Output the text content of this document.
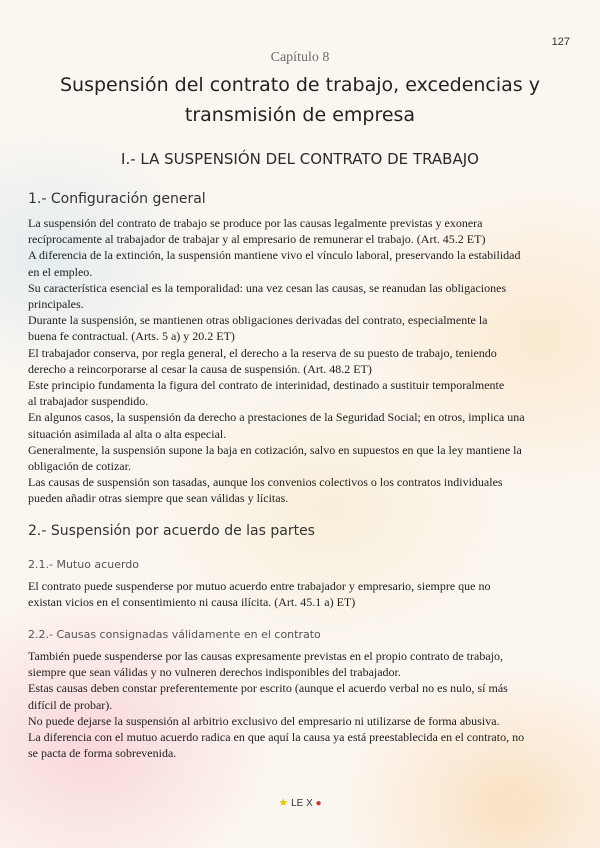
127
Capítulo 8
Suspensión del contrato de trabajo, excedencias y
transmisión de empresa
I.- LA SUSPENSIÓN DEL CONTRATO DE TRABAJO
1.- Configuración general

La suspensión del contrato de trabajo se produce por las causas legalmente previstas y exonera

recíprocamente al trabajador de trabajar y al empresario de remunerar el trabajo. (Art. 45.2 ET)

A diferencia de la extinción, la suspensión mantiene vivo el vínculo laboral, preservando la estabilidad

en el empleo.

Su característica esencial es la temporalidad: una vez cesan las causas, se reanudan las obligaciones

principales.

Durante la suspensión, se mantienen otras obligaciones derivadas del contrato, especialmente la

buena fe contractual. (Arts. 5 a) y 20.2 ET)

El trabajador conserva, por regla general, el derecho a la reserva de su puesto de trabajo, teniendo

derecho a reincorporarse al cesar la causa de suspensión. (Art. 48.2 ET)

Este principio fundamenta la figura del contrato de interinidad, destinado a sustituir temporalmente

al trabajador suspendido.

En algunos casos, la suspensión da derecho a prestaciones de la Seguridad Social; en otros, implica una

situación asimilada al alta o alta especial.

Generalmente, la suspensión supone la baja en cotización, salvo en supuestos en que la ley mantiene la

obligación de cotizar.

Las causas de suspensión son tasadas, aunque los convenios colectivos o los contratos individuales

pueden añadir otras siempre que sean válidas y lícitas.

2.- Suspensión por acuerdo de las partes
2.1.- Mutuo acuerdo

El contrato puede suspenderse por mutuo acuerdo entre trabajador y empresario, siempre que no

existan vicios en el consentimiento ni causa ilícita. (Art. 45.1 a) ET)

2.2.- Causas consignadas válidamente en el contrato

También puede suspenderse por las causas expresamente previstas en el propio contrato de trabajo,

siempre que sean válidas y no vulneren derechos indisponibles del trabajador.

Estas causas deben constar preferentemente por escrito (aunque el acuerdo verbal no es nulo, sí más

difícil de probar).

No puede dejarse la suspensión al arbitrio exclusivo del empresario ni utilizarse de forma abusiva.

La diferencia con el mutuo acuerdo radica en que aquí la causa ya está preestablecida en el contrato, no

se pacta de forma sobrevenida.

★ LE X ●
